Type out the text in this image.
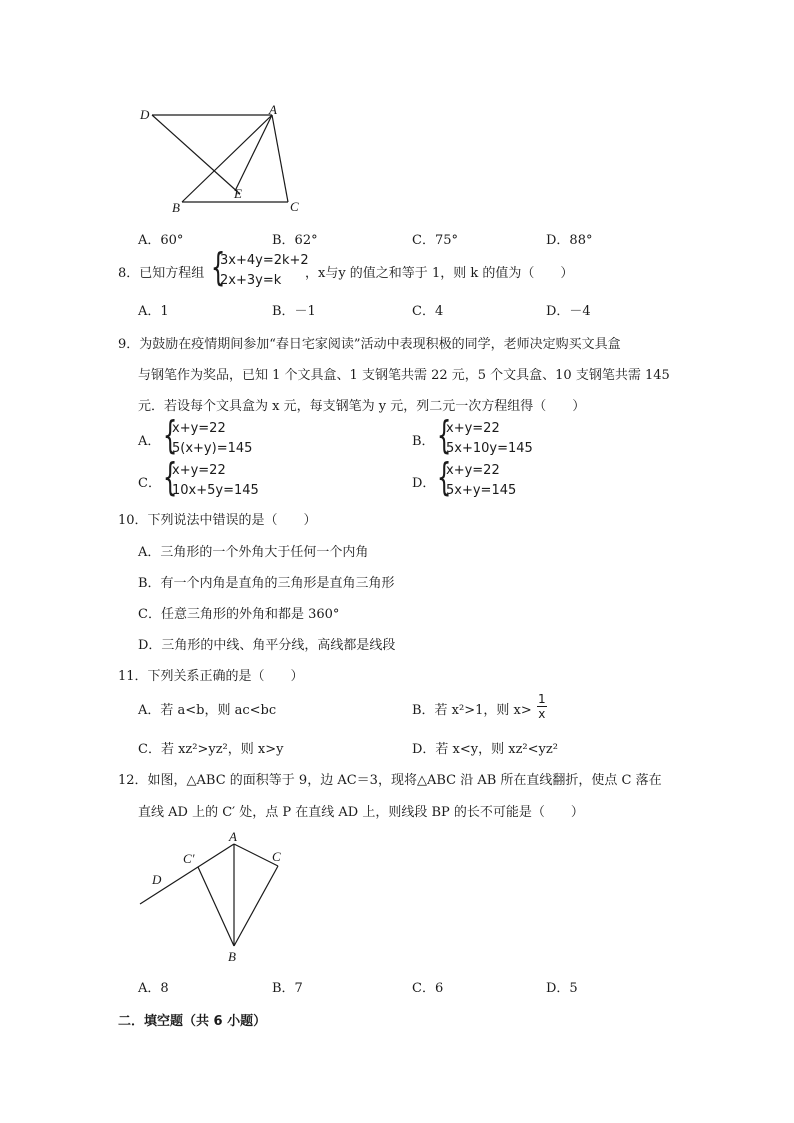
D	A
E
B	C
A．60°	B．62°	C．75°	D．88°
8．已知方程组 {
3x+4y=2k+2
2x+3y=k	，x与y 的值之和等于 1，则 k 的值为（　　）
A．1	B．－1	C．4	D．－4
9．为鼓励在疫情期间参加“春日宅家阅读”活动中表现积极的同学，老师决定购买文具盒
与钢笔作为奖品，已知 1 个文具盒、1 支钢笔共需 22 元，5 个文具盒、10 支钢笔共需 145
元．若设每个文具盒为 x 元，每支钢笔为 y 元，列二元一次方程组得（　　）
A． {
x+y=22
5(x+y)=145	B． {
x+y=22
5x+10y=145
C． {
x+y=22
10x+5y=145	D． {
x+y=22
5x+y=145
10．下列说法中错误的是（　　）
A．三角形的一个外角大于任何一个内角
B．有一个内角是直角的三角形是直角三角形
C．任意三角形的外角和都是 360°
D．三角形的中线、角平分线，高线都是线段
11．下列关系正确的是（　　）
A．若 a<b，则 ac<bc	B．若 x²>1，则 $x> \frac{1}{x}$
C．若 xz²>yz²，则 x>y	D．若 x<y，则 xz²<yz²
12．如图，△ABC 的面积等于 9，边 AC＝3，现将△ABC 沿 AB 所在直线翻折，使点 C 落在
直线 AD 上的 C′ 处，点 P 在直线 AD 上，则线段 BP 的长不可能是（　　）
A
C′	C
D
B
A．8	B．7	C．6	D．5
二．填空题（共 6 小题）
